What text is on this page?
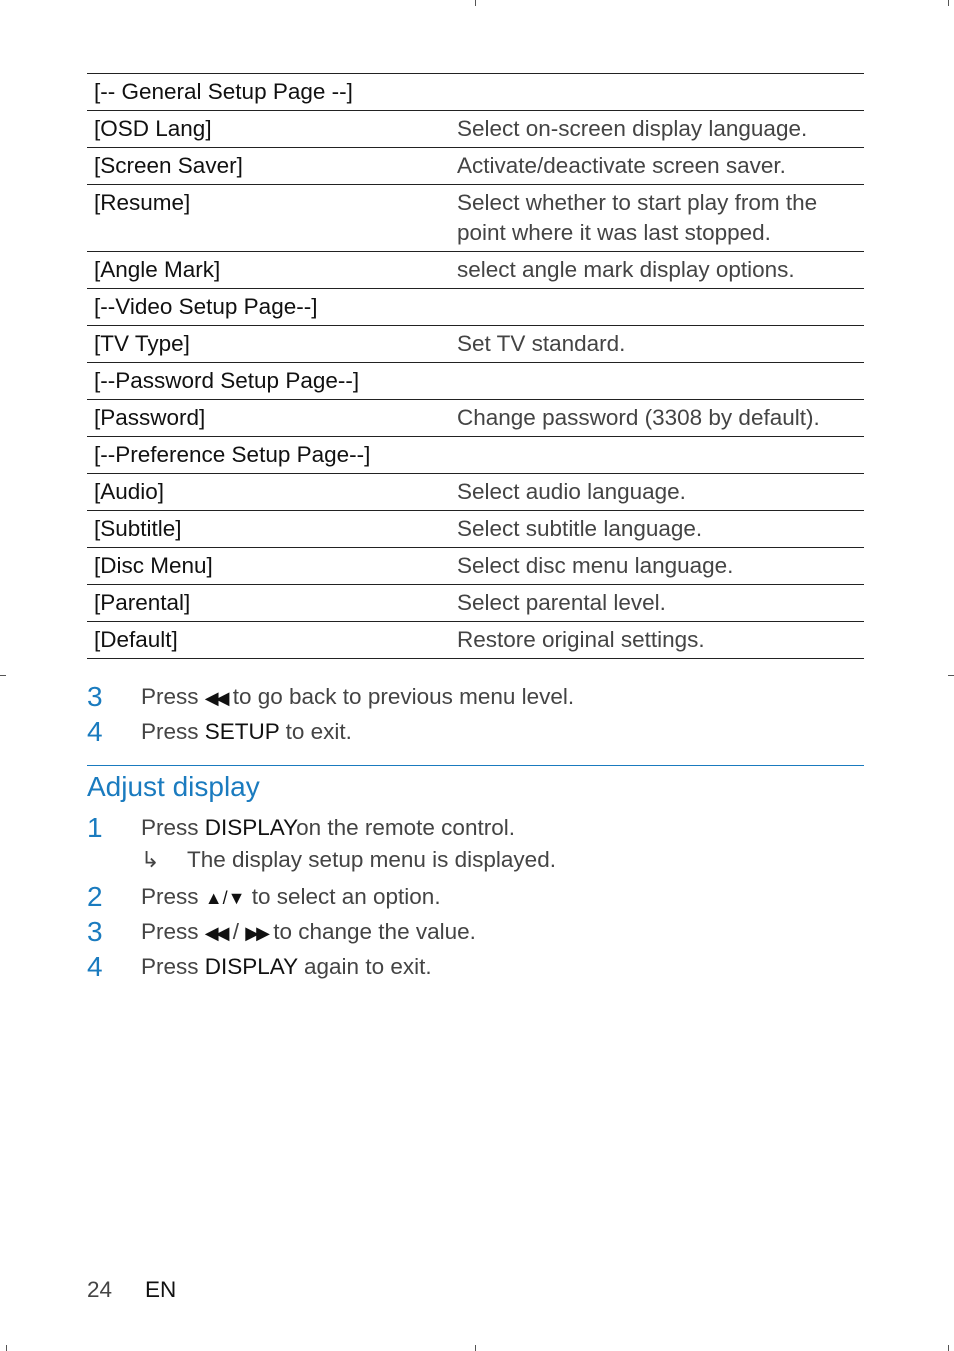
[-- General Setup Page --]	
[OSD Lang]	Select on-screen display language.
[Screen Saver]	Activate/deactivate screen saver.
[Resume]	Select whether to start play from the point where it was last stopped.
[Angle Mark]	select angle mark display options.
[--Video Setup Page--]	
[TV Type]	Set TV standard.
[--Password Setup Page--]	
[Password]	Change password (3308 by default).
[--Preference Setup Page--]	
[Audio]	Select audio language.
[Subtitle]	Select subtitle language.
[Disc Menu]	Select disc menu language.
[Parental]	Select parental level.
[Default]	Restore original settings.
3	Press ◀◀ to go back to previous menu level.
4	Press SETUP to exit.
Adjust display
1	Press DISPLAYon the remote control.
↳ The display setup menu is displayed.
2	Press ▲/▼ to select an option.
3	Press ◀◀ / ▶▶ to change the value.
4	Press DISPLAY again to exit.
24 EN
